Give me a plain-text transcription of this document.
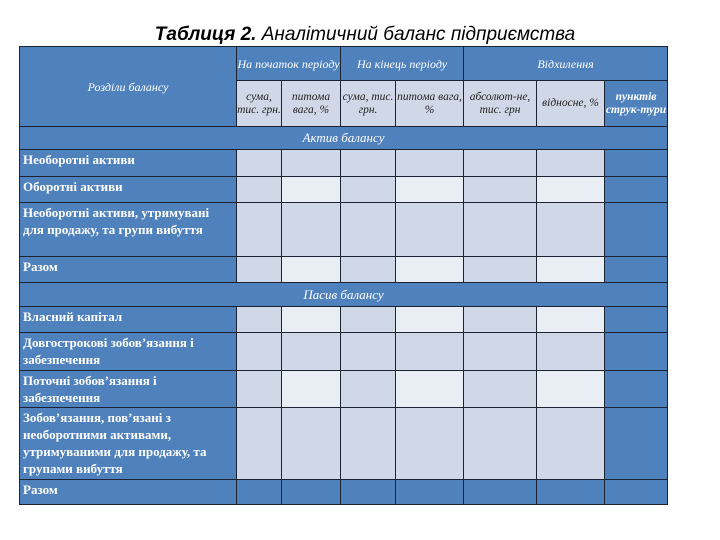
Таблиця 2. Аналітичний баланс підприємства
Розділи балансу	На початок періоду		На кінець періоду		Відхилення		
	сума, тис. грн.	питома вага, %	сума, тис. грн.	питома вага, %	абсолют-не, тис. грн	відносне, %	пунктів струк-тури
Актив балансу							
Необоротні активи							
Оборотні активи							
Необоротні активи, утримувані для продажу, та групи вибуття							
Разом							
Пасив балансу							
Власний капітал							
Довгострокові зобов’язання і забезпечення							
Поточні зобов’язання і забезпечення							
Зобов’язання, пов’язані з необоротними активами, утримуваними для продажу, та групами вибуття							
Разом							
